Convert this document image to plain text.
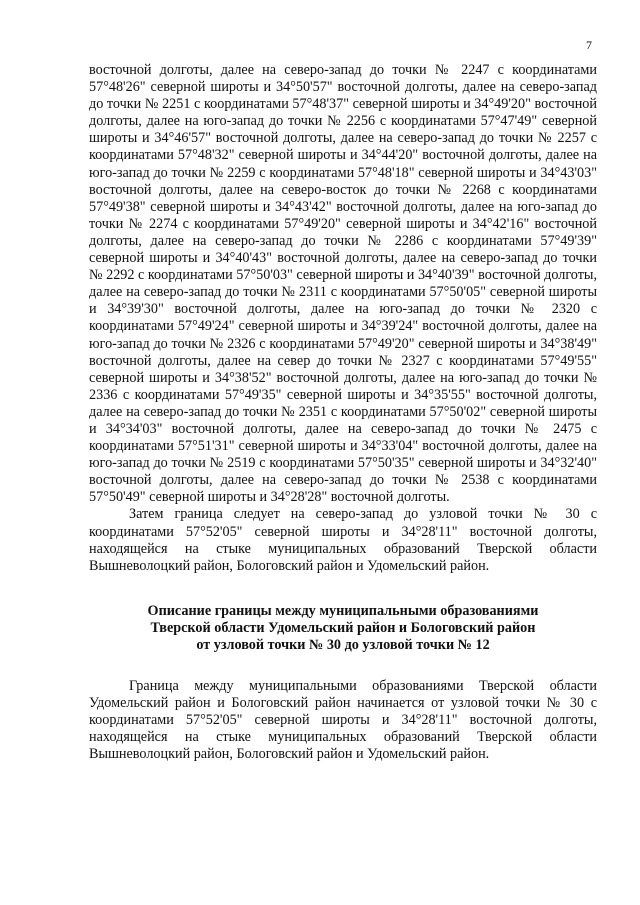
7

восточной долготы, далее на северо-запад до точки № 2247 с координатами 57°48'26" северной широты и 34°50'57" восточной долготы, далее на северо-запад до точки № 2251 с координатами 57°48'37" северной широты и 34°49'20" восточной долготы, далее на юго-запад до точки № 2256 с координатами 57°47'49" северной широты и 34°46'57" восточной долготы, далее на северо-запад до точки № 2257 с координатами 57°48'32" северной широты и 34°44'20" восточной долготы, далее на юго-запад до точки № 2259 с координатами 57°48'18" северной широты и 34°43'03" восточной долготы, далее на северо-восток до точки № 2268 с координатами 57°49'38" северной широты и 34°43'42" восточной долготы, далее на юго-запад до точки № 2274 с координатами 57°49'20" северной широты и 34°42'16" восточной долготы, далее на северо-запад до точки № 2286 с координатами 57°49'39" северной широты и 34°40'43" восточной долготы, далее на северо-запад до точки № 2292 с координатами 57°50'03" северной широты и 34°40'39" восточной долготы, далее на северо-запад до точки № 2311 с координатами 57°50'05" северной широты и 34°39'30" восточной долготы, далее на юго-запад до точки № 2320 с координатами 57°49'24" северной широты и 34°39'24" восточной долготы, далее на юго-запад до точки № 2326 с координатами 57°49'20" северной широты и 34°38'49" восточной долготы, далее на север до точки № 2327 с координатами 57°49'55" северной широты и 34°38'52" восточной долготы, далее на юго-запад до точки № 2336 с координатами 57°49'35" северной широты и 34°35'55" восточной долготы, далее на северо-запад до точки № 2351 с координатами 57°50'02" северной широты и 34°34'03" восточной долготы, далее на северо-запад до точки № 2475 с координатами 57°51'31" северной широты и 34°33'04" восточной долготы, далее на юго-запад до точки № 2519 с координатами 57°50'35" северной широты и 34°32'40" восточной долготы, далее на северо-запад до точки № 2538 с координатами 57°50'49" северной широты и 34°28'28" восточной долготы.

Затем граница следует на северо-запад до узловой точки № 30 с координатами 57°52'05" северной широты и 34°28'11" восточной долготы, находящейся на стыке муниципальных образований Тверской области Вышневолоцкий район, Бологовский район и Удомельский район.

Описание границы между муниципальными образованиями
Тверской области Удомельский район и Бологовский район
от узловой точки № 30 до узловой точки № 12

Граница между муниципальными образованиями Тверской области Удомельский район и Бологовский район начинается от узловой точки № 30 с координатами 57°52'05" северной широты и 34°28'11" восточной долготы, находящейся на стыке муниципальных образований Тверской области Вышневолоцкий район, Бологовский район и Удомельский район.
